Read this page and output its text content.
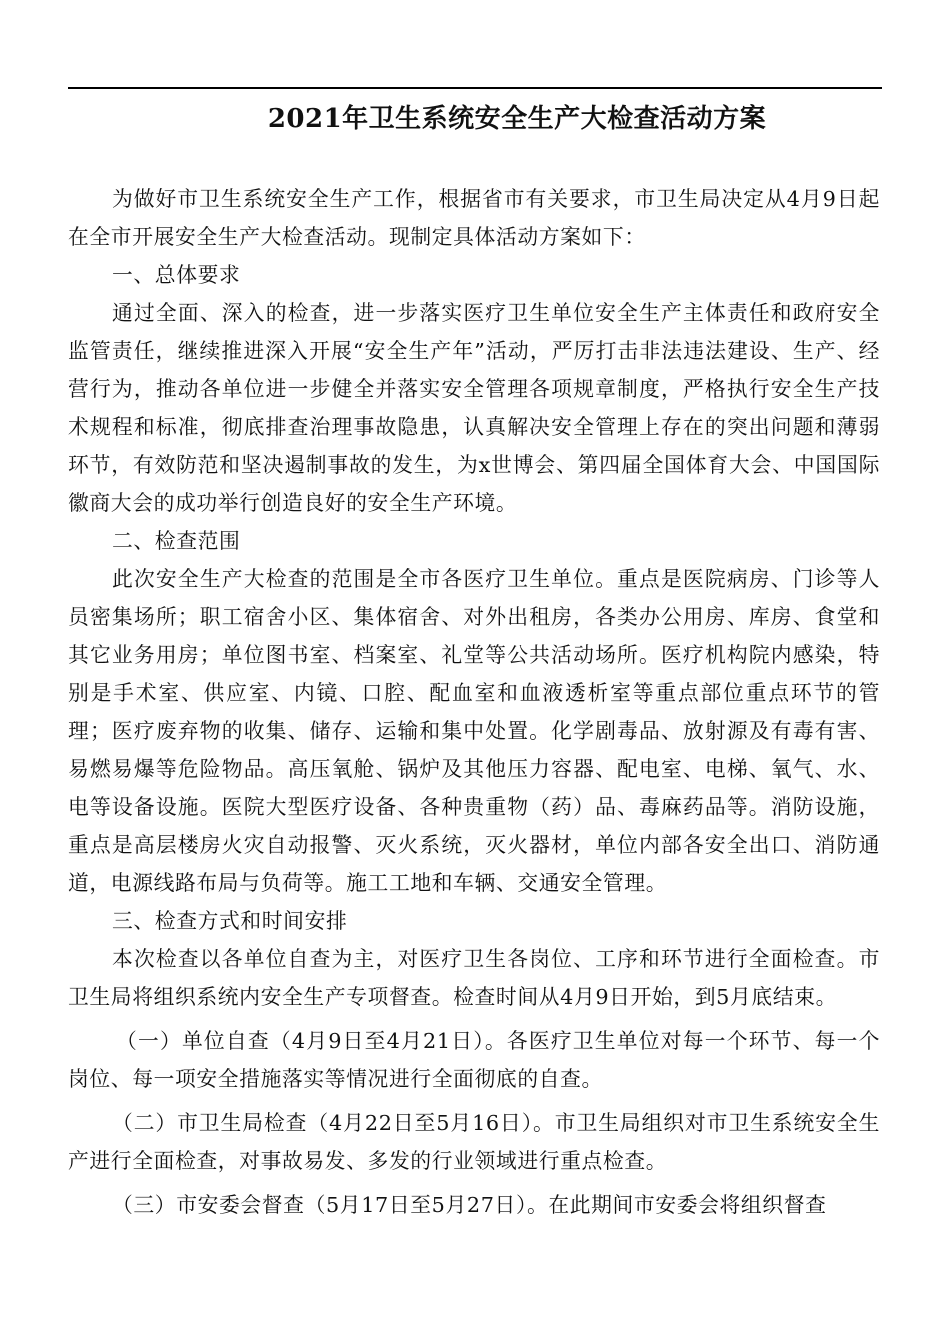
2021年卫生系统安全生产大检查活动方案

为做好市卫生系统安全生产工作，根据省市有关要求，市卫生局决定从4月9日起在全市开展安全生产大检查活动。现制定具体活动方案如下：

一、总体要求

通过全面、深入的检查，进一步落实医疗卫生单位安全生产主体责任和政府安全监管责任，继续推进深入开展“安全生产年”活动，严厉打击非法违法建设、生产、经营行为，推动各单位进一步健全并落实安全管理各项规章制度，严格执行安全生产技术规程和标准，彻底排查治理事故隐患，认真解决安全管理上存在的突出问题和薄弱环节，有效防范和坚决遏制事故的发生，为x世博会、第四届全国体育大会、中国国际徽商大会的成功举行创造良好的安全生产环境。

二、检查范围

此次安全生产大检查的范围是全市各医疗卫生单位。重点是医院病房、门诊等人员密集场所；职工宿舍小区、集体宿舍、对外出租房，各类办公用房、库房、食堂和其它业务用房；单位图书室、档案室、礼堂等公共活动场所。医疗机构院内感染，特别是手术室、供应室、内镜、口腔、配血室和血液透析室等重点部位重点环节的管理；医疗废弃物的收集、储存、运输和集中处置。化学剧毒品、放射源及有毒有害、易燃易爆等危险物品。高压氧舱、锅炉及其他压力容器、配电室、电梯、氧气、水、电等设备设施。医院大型医疗设备、各种贵重物（药）品、毒麻药品等。消防设施，重点是高层楼房火灾自动报警、灭火系统，灭火器材，单位内部各安全出口、消防通道，电源线路布局与负荷等。施工工地和车辆、交通安全管理。

三、检查方式和时间安排

本次检查以各单位自查为主，对医疗卫生各岗位、工序和环节进行全面检查。市卫生局将组织系统内安全生产专项督查。检查时间从4月9日开始，到5月底结束。

（一）单位自查（4月9日至4月21日）。各医疗卫生单位对每一个环节、每一个岗位、每一项安全措施落实等情况进行全面彻底的自查。

（二）市卫生局检查（4月22日至5月16日）。市卫生局组织对市卫生系统安全生产进行全面检查，对事故易发、多发的行业领域进行重点检查。

（三）市安委会督查（5月17日至5月27日）。在此期间市安委会将组织督查
